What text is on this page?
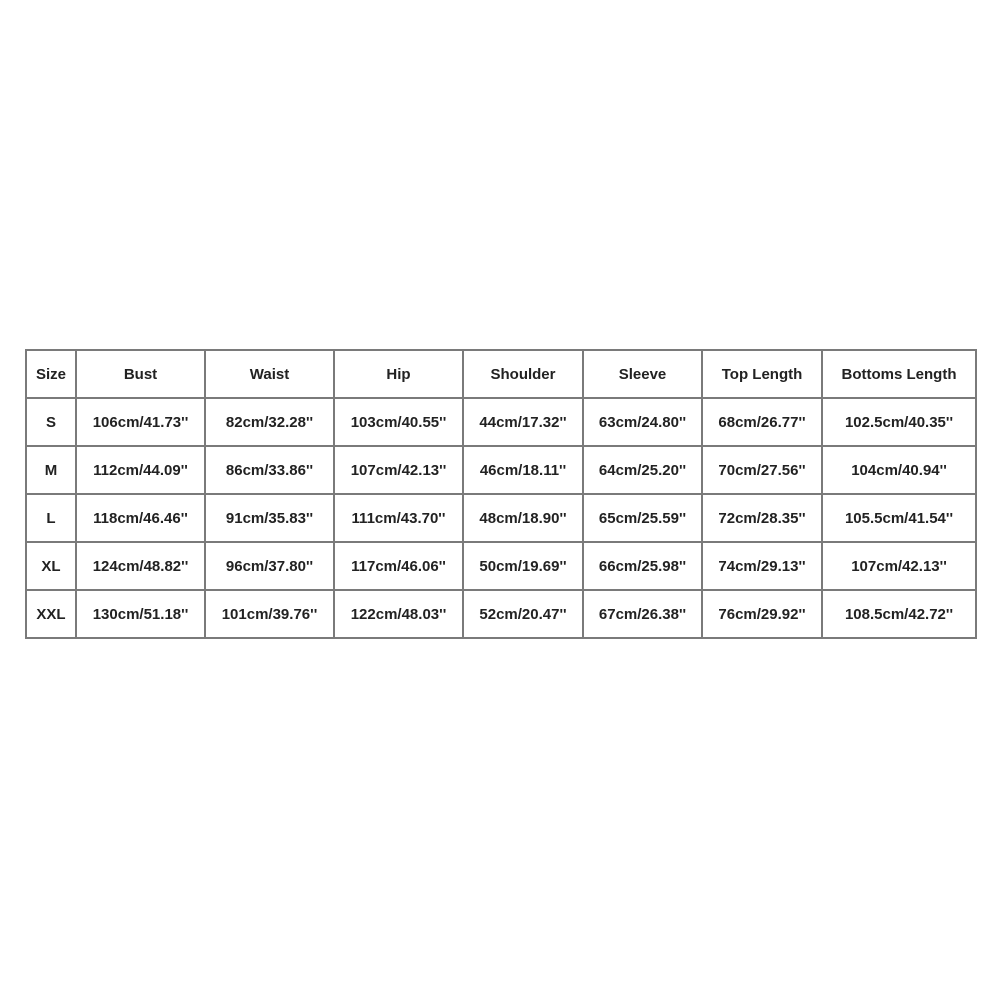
Size	Bust	Waist	Hip	Shoulder	Sleeve	Top Length	Bottoms Length
S	106cm/41.73''	82cm/32.28''	103cm/40.55''	44cm/17.32''	63cm/24.80''	68cm/26.77''	102.5cm/40.35''
M	112cm/44.09''	86cm/33.86''	107cm/42.13''	46cm/18.11''	64cm/25.20''	70cm/27.56''	104cm/40.94''
L	118cm/46.46''	91cm/35.83''	111cm/43.70''	48cm/18.90''	65cm/25.59''	72cm/28.35''	105.5cm/41.54''
XL	124cm/48.82''	96cm/37.80''	117cm/46.06''	50cm/19.69''	66cm/25.98''	74cm/29.13''	107cm/42.13''
XXL	130cm/51.18''	101cm/39.76''	122cm/48.03''	52cm/20.47''	67cm/26.38''	76cm/29.92''	108.5cm/42.72''
